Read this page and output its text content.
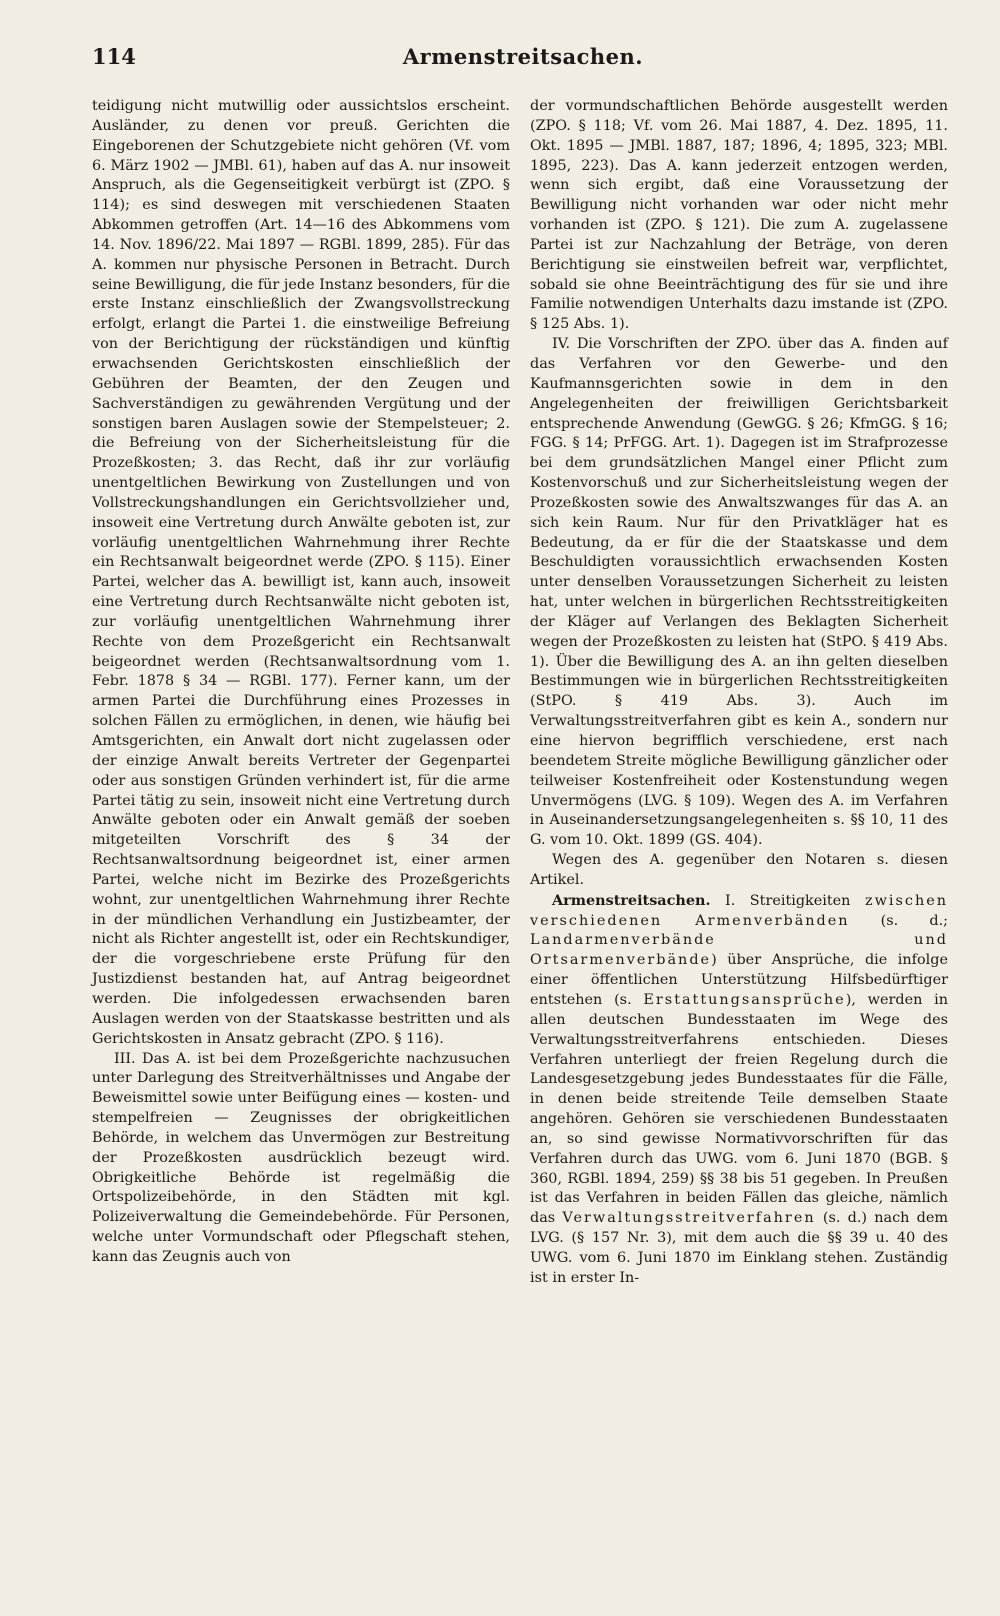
114	Armenstreitsachen.

teidigung nicht mutwillig oder aussichtslos erscheint. Ausländer, zu denen vor preuß. Gerichten die Eingeborenen der Schutzgebiete nicht gehören (Vf. vom 6. März 1902 — JMBl. 61), haben auf das A. nur insoweit Anspruch, als die Gegenseitigkeit verbürgt ist (ZPO. § 114); es sind deswegen mit verschiedenen Staaten Abkommen getroffen (Art. 14—16 des Abkommens vom 14. Nov. 1896/22. Mai 1897 — RGBl. 1899, 285). Für das A. kommen nur physische Personen in Betracht. Durch seine Bewilligung, die für jede Instanz besonders, für die erste Instanz einschließlich der Zwangsvollstreckung erfolgt, erlangt die Partei 1. die einstweilige Befreiung von der Berichtigung der rückständigen und künftig erwachsenden Gerichtskosten einschließlich der Gebühren der Beamten, der den Zeugen und Sachverständigen zu gewährenden Vergütung und der sonstigen baren Auslagen sowie der Stempelsteuer; 2. die Befreiung von der Sicherheitsleistung für die Prozeßkosten; 3. das Recht, daß ihr zur vorläufig unentgeltlichen Bewirkung von Zustellungen und von Vollstreckungshandlungen ein Gerichtsvollzieher und, insoweit eine Vertretung durch Anwälte geboten ist, zur vorläufig unentgeltlichen Wahrnehmung ihrer Rechte ein Rechtsanwalt beigeordnet werde (ZPO. § 115). Einer Partei, welcher das A. bewilligt ist, kann auch, insoweit eine Vertretung durch Rechtsanwälte nicht geboten ist, zur vorläufig unentgeltlichen Wahrnehmung ihrer Rechte von dem Prozeßgericht ein Rechtsanwalt beigeordnet werden (Rechtsanwaltsordnung vom 1. Febr. 1878 § 34 — RGBl. 177). Ferner kann, um der armen Partei die Durchführung eines Prozesses in solchen Fällen zu ermöglichen, in denen, wie häufig bei Amtsgerichten, ein Anwalt dort nicht zugelassen oder der einzige Anwalt bereits Vertreter der Gegenpartei oder aus sonstigen Gründen verhindert ist, für die arme Partei tätig zu sein, insoweit nicht eine Vertretung durch Anwälte geboten oder ein Anwalt gemäß der soeben mitgeteilten Vorschrift des § 34 der Rechtsanwaltsordnung beigeordnet ist, einer armen Partei, welche nicht im Bezirke des Prozeßgerichts wohnt, zur unentgeltlichen Wahrnehmung ihrer Rechte in der mündlichen Verhandlung ein Justizbeamter, der nicht als Richter angestellt ist, oder ein Rechtskundiger, der die vorgeschriebene erste Prüfung für den Justizdienst bestanden hat, auf Antrag beigeordnet werden. Die infolgedessen erwachsenden baren Auslagen werden von der Staatskasse bestritten und als Gerichtskosten in Ansatz gebracht (ZPO. § 116).

III. Das A. ist bei dem Prozeßgerichte nachzusuchen unter Darlegung des Streitverhältnisses und Angabe der Beweismittel sowie unter Beifügung eines — kosten- und stempelfreien — Zeugnisses der obrigkeitlichen Behörde, in welchem das Unvermögen zur Bestreitung der Prozeßkosten ausdrücklich bezeugt wird. Obrigkeitliche Behörde ist regelmäßig die Ortspolizeibehörde, in den Städten mit kgl. Polizeiverwaltung die Gemeindebehörde. Für Personen, welche unter Vormundschaft oder Pflegschaft stehen, kann das Zeugnis auch von

der vormundschaftlichen Behörde ausgestellt werden (ZPO. § 118; Vf. vom 26. Mai 1887, 4. Dez. 1895, 11. Okt. 1895 — JMBl. 1887, 187; 1896, 4; 1895, 323; MBl. 1895, 223). Das A. kann jederzeit entzogen werden, wenn sich ergibt, daß eine Voraussetzung der Bewilligung nicht vorhanden war oder nicht mehr vorhanden ist (ZPO. § 121). Die zum A. zugelassene Partei ist zur Nachzahlung der Beträge, von deren Berichtigung sie einstweilen befreit war, verpflichtet, sobald sie ohne Beeinträchtigung des für sie und ihre Familie notwendigen Unterhalts dazu imstande ist (ZPO. § 125 Abs. 1).

IV. Die Vorschriften der ZPO. über das A. finden auf das Verfahren vor den Gewerbe- und den Kaufmannsgerichten sowie in dem in den Angelegenheiten der freiwilligen Gerichtsbarkeit entsprechende Anwendung (GewGG. § 26; KfmGG. § 16; FGG. § 14; PrFGG. Art. 1). Dagegen ist im Strafprozesse bei dem grundsätzlichen Mangel einer Pflicht zum Kostenvorschuß und zur Sicherheitsleistung wegen der Prozeßkosten sowie des Anwaltszwanges für das A. an sich kein Raum. Nur für den Privatkläger hat es Bedeutung, da er für die der Staatskasse und dem Beschuldigten voraussichtlich erwachsenden Kosten unter denselben Voraussetzungen Sicherheit zu leisten hat, unter welchen in bürgerlichen Rechtsstreitigkeiten der Kläger auf Verlangen des Beklagten Sicherheit wegen der Prozeßkosten zu leisten hat (StPO. § 419 Abs. 1). Über die Bewilligung des A. an ihn gelten dieselben Bestimmungen wie in bürgerlichen Rechtsstreitigkeiten (StPO. § 419 Abs. 3). Auch im Verwaltungsstreitverfahren gibt es kein A., sondern nur eine hiervon begrifflich verschiedene, erst nach beendetem Streite mögliche Bewilligung gänzlicher oder teilweiser Kostenfreiheit oder Kostenstundung wegen Unvermögens (LVG. § 109). Wegen des A. im Verfahren in Auseinandersetzungsangelegenheiten s. §§ 10, 11 des G. vom 10. Okt. 1899 (GS. 404).

Wegen des A. gegenüber den Notaren s. diesen Artikel.

Armenstreitsachen. I. Streitigkeiten zwischen verschiedenen Armenverbänden (s. d.; Landarmenverbände und Ortsarmenverbände) über Ansprüche, die infolge einer öffentlichen Unterstützung Hilfsbedürftiger entstehen (s. Erstattungsansprüche), werden in allen deutschen Bundesstaaten im Wege des Verwaltungsstreitverfahrens entschieden. Dieses Verfahren unterliegt der freien Regelung durch die Landesgesetzgebung jedes Bundesstaates für die Fälle, in denen beide streitende Teile demselben Staate angehören. Gehören sie verschiedenen Bundesstaaten an, so sind gewisse Normativvorschriften für das Verfahren durch das UWG. vom 6. Juni 1870 (BGB. § 360, RGBl. 1894, 259) §§ 38 bis 51 gegeben. In Preußen ist das Verfahren in beiden Fällen das gleiche, nämlich das Verwaltungsstreitverfahren (s. d.) nach dem LVG. (§ 157 Nr. 3), mit dem auch die §§ 39 u. 40 des UWG. vom 6. Juni 1870 im Einklang stehen. Zuständig ist in erster In-
